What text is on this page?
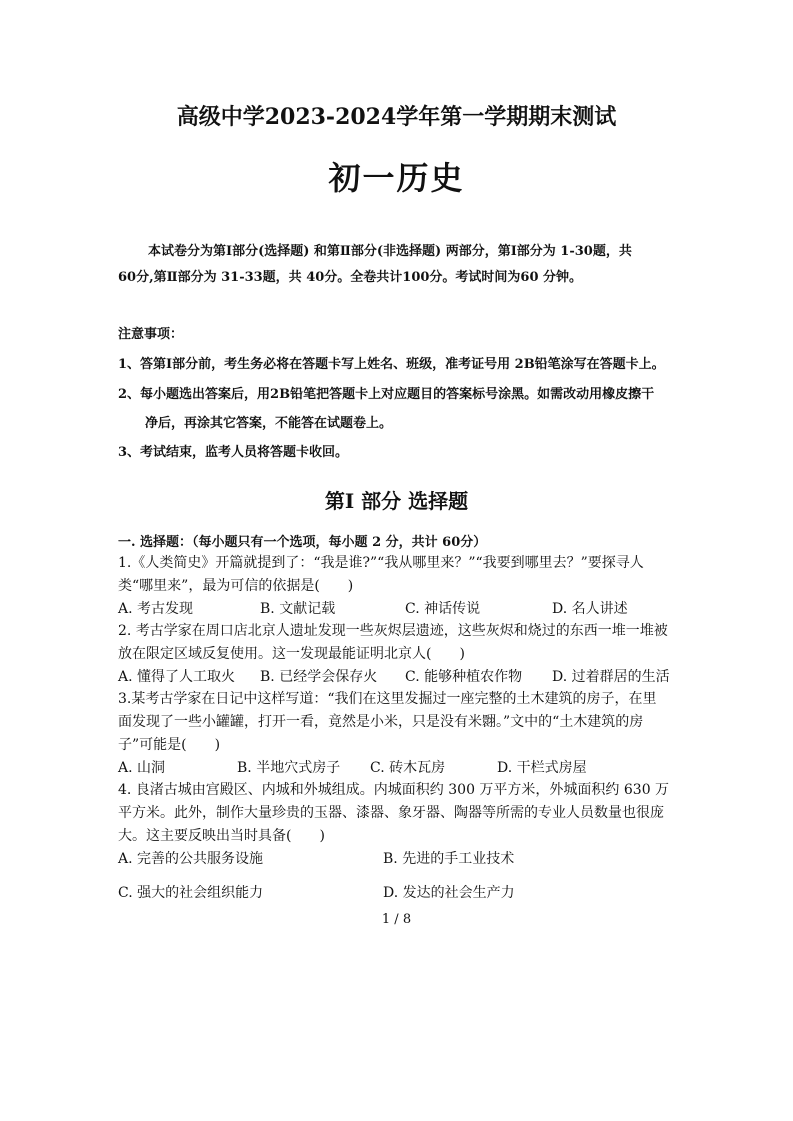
高级中学2023-2024学年第一学期期末测试
初一历史
本试卷分为第Ⅰ部分(选择题) 和第Ⅱ部分(非选择题) 两部分，第Ⅰ部分为 1-30题，共
60分,第Ⅱ部分为 31-33题，共 40分。全卷共计100分。考试时间为60 分钟。
注意事项：
1、答第Ⅰ部分前，考生务必将在答题卡写上姓名、班级，准考证号用 2B铅笔涂写在答题卡上。
2、每小题选出答案后，用2B铅笔把答题卡上对应题目的答案标号涂黑。如需改动用橡皮擦干
净后，再涂其它答案，不能答在试题卷上。
3、考试结束，监考人员将答题卡收回。
第Ⅰ 部分 选择题
一. 选择题：（每小题只有一个选项，每小题 2 分，共计 60分）
1.《人类简史》开篇就提到了：“我是谁?”“我从哪里来？”“我要到哪里去？”要探寻人
类“哪里来”，最为可信的依据是(　　)
A. 考古发现	B. 文献记载	C. 神话传说	D. 名人讲述
2. 考古学家在周口店北京人遗址发现一些灰烬层遗迹，这些灰烬和烧过的东西一堆一堆被
放在限定区域反复使用。这一发现最能证明北京人(　　)
A. 懂得了人工取火 B. 已经学会保存火 C. 能够种植农作物 D. 过着群居的生活
3.某考古学家在日记中这样写道：“我们在这里发掘过一座完整的土木建筑的房子，在里
面发现了一些小罐罐，打开一看，竟然是小米，只是没有米翾。”文中的“土木建筑的房
子”可能是(　　)
A. 山洞	B. 半地穴式房子 C. 砖木瓦房	D. 干栏式房屋
4. 良渚古城由宫殿区、内城和外城组成。内城面积约 300 万平方米，外城面积约 630 万
平方米。此外，制作大量珍贵的玉器、漆器、象牙器、陶器等所需的专业人员数量也很庞
大。这主要反映出当时具备(　　)
A. 完善的公共服务设施	B. 先进的手工业技术
C. 强大的社会组织能力	D. 发达的社会生产力
1 / 8
